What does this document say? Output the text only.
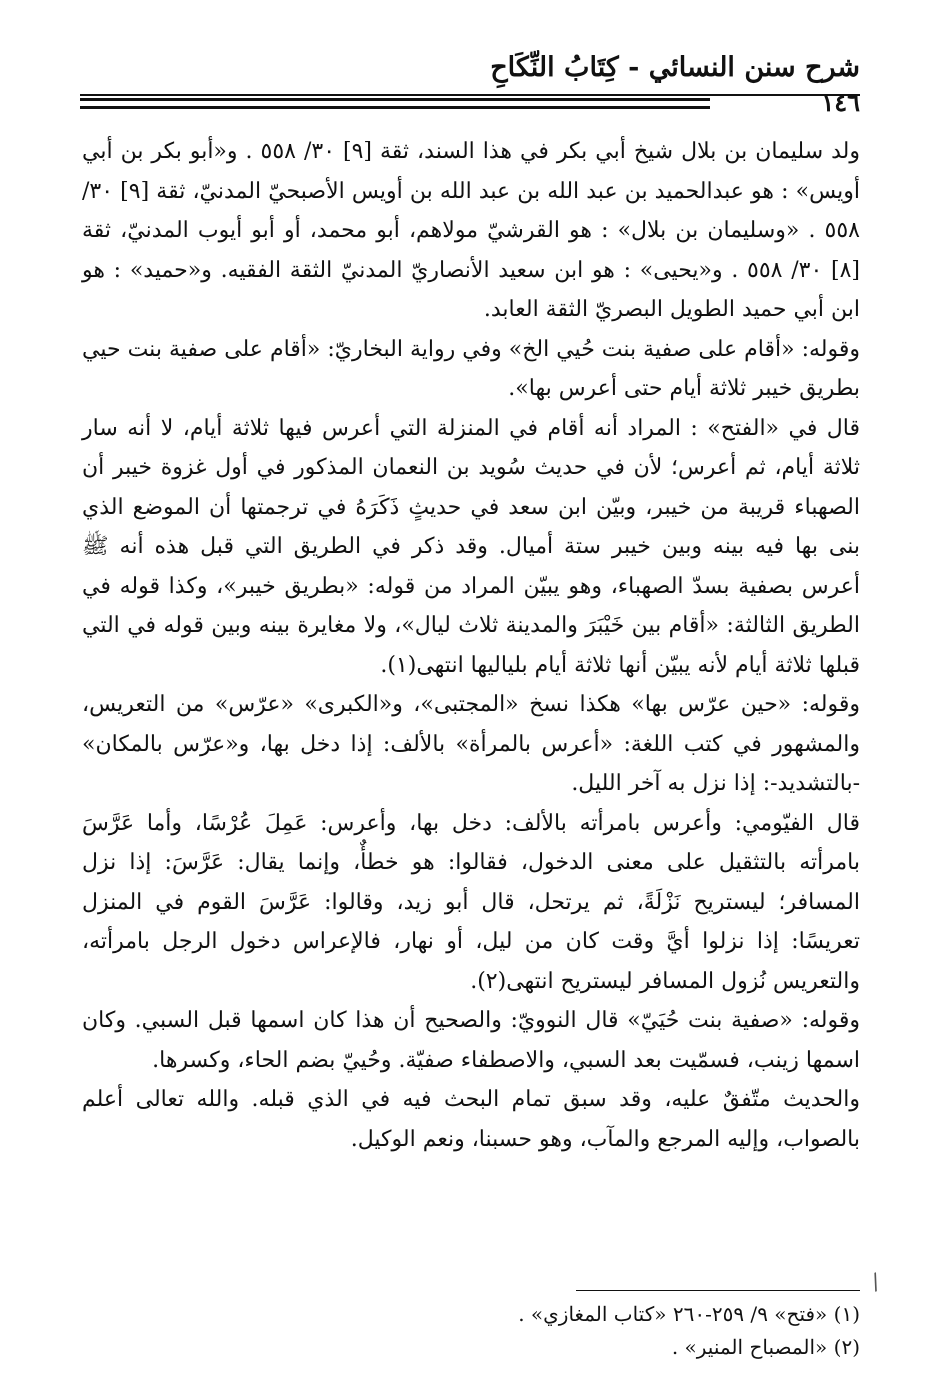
شرح سنن النسائي - كِتَابُ النِّكَاحِ
١٤٦

ولد سليمان بن بلال شيخ أبي بكر في هذا السند، ثقة [٩] ٣٠/ ٥٥٨ . و«أبو بكر بن أبي أويس» : هو عبدالحميد بن عبد الله بن عبد الله بن أويس الأصبحيّ المدنيّ، ثقة [٩] ٣٠/ ٥٥٨ . «وسليمان بن بلال» : هو القرشيّ مولاهم، أبو محمد، أو أبو أيوب المدنيّ، ثقة [٨] ٣٠/ ٥٥٨ . و«يحيى» : هو ابن سعيد الأنصاريّ المدنيّ الثقة الفقيه. و«حميد» : هو ابن أبي حميد الطويل البصريّ الثقة العابد.

وقوله: «أقام على صفية بنت حُيي الخ» وفي رواية البخاريّ: «أقام على صفية بنت حيي بطريق خيبر ثلاثة أيام حتى أعرس بها».

قال في «الفتح» : المراد أنه أقام في المنزلة التي أعرس فيها ثلاثة أيام، لا أنه سار ثلاثة أيام، ثم أعرس؛ لأن في حديث سُويد بن النعمان المذكور في أول غزوة خيبر أن الصهباء قريبة من خيبر، وبيّن ابن سعد في حديثٍ ذَكَرَهُ في ترجمتها أن الموضع الذي بنى بها فيه بينه وبين خيبر ستة أميال. وقد ذكر في الطريق التي قبل هذه أنه ﷺ أعرس بصفية بسدّ الصهباء، وهو يبيّن المراد من قوله: «بطريق خيبر»، وكذا قوله في الطريق الثالثة: «أقام بين خَيْبَرَ والمدينة ثلاث ليال»، ولا مغايرة بينه وبين قوله في التي قبلها ثلاثة أيام لأنه يبيّن أنها ثلاثة أيام بلياليها انتهى(١).

وقوله: «حين عرّس بها» هكذا نسخ «المجتبى»، و«الكبرى» «عرّس» من التعريس، والمشهور في كتب اللغة: «أعرس بالمرأة» بالألف: إذا دخل بها، و«عرّس بالمكان» -بالتشديد-: إذا نزل به آخر الليل.

قال الفيّومي: وأعرس بامرأته بالألف: دخل بها، وأعرس: عَمِلَ عُرْسًا، وأما عَرَّسَ بامرأته بالتثقيل على معنى الدخول، فقالوا: هو خطأٌ، وإنما يقال: عَرَّسَ: إذا نزل المسافر؛ ليستريح نَزْلَةً، ثم يرتحل، قال أبو زيد، وقالوا: عَرَّسَ القوم في المنزل تعريسًا: إذا نزلوا أيَّ وقت كان من ليل، أو نهار، فالإعراس دخول الرجل بامرأته، والتعريس نُزول المسافر ليستريح انتهى(٢).

وقوله: «صفية بنت حُيَيّ» قال النوويّ: والصحيح أن هذا كان اسمها قبل السبي. وكان اسمها زينب، فسمّيت بعد السبي، والاصطفاء صفيّة. وحُييّ بضم الحاء، وكسرها.

والحديث متّفقٌ عليه، وقد سبق تمام البحث فيه في الذي قبله. والله تعالى أعلم بالصواب، وإليه المرجع والمآب، وهو حسبنا، ونعم الوكيل.

(١) «فتح» ٩/ ٢٥٩-٢٦٠ «كتاب المغازي» .
(٢) «المصباح المنير» .
/
